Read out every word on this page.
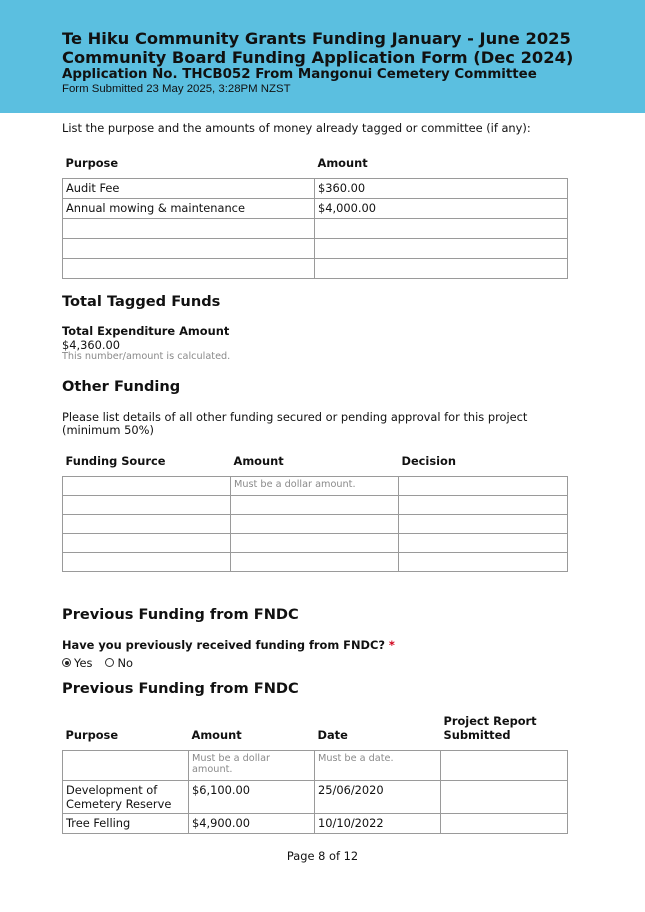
Te Hiku Community Grants Funding January - June 2025
Community Board Funding Application Form (Dec 2024)
Application No. THCB052 From Mangonui Cemetery Committee
Form Submitted 23 May 2025, 3:28PM NZST
List the purpose and the amounts of money already tagged or committee (if any):
Purpose	Amount
Audit Fee	$360.00
Annual mowing & maintenance	$4,000.00

Total Tagged Funds
Total Expenditure Amount
$4,360.00
This number/amount is calculated.
Other Funding
Please list details of all other funding secured or pending approval for this project (minimum 50%)
Funding Source	Amount	Decision
	Must be a dollar amount.	

Previous Funding from FNDC
Have you previously received funding from FNDC? *
Yes
No
Previous Funding from FNDC
Purpose	Amount	Date	Project Report Submitted
	Must be a dollar amount.	Must be a date.	
Development of Cemetery Reserve	$6,100.00	25/06/2020	
Tree Felling	$4,900.00	10/10/2022	
Page 8 of 12
